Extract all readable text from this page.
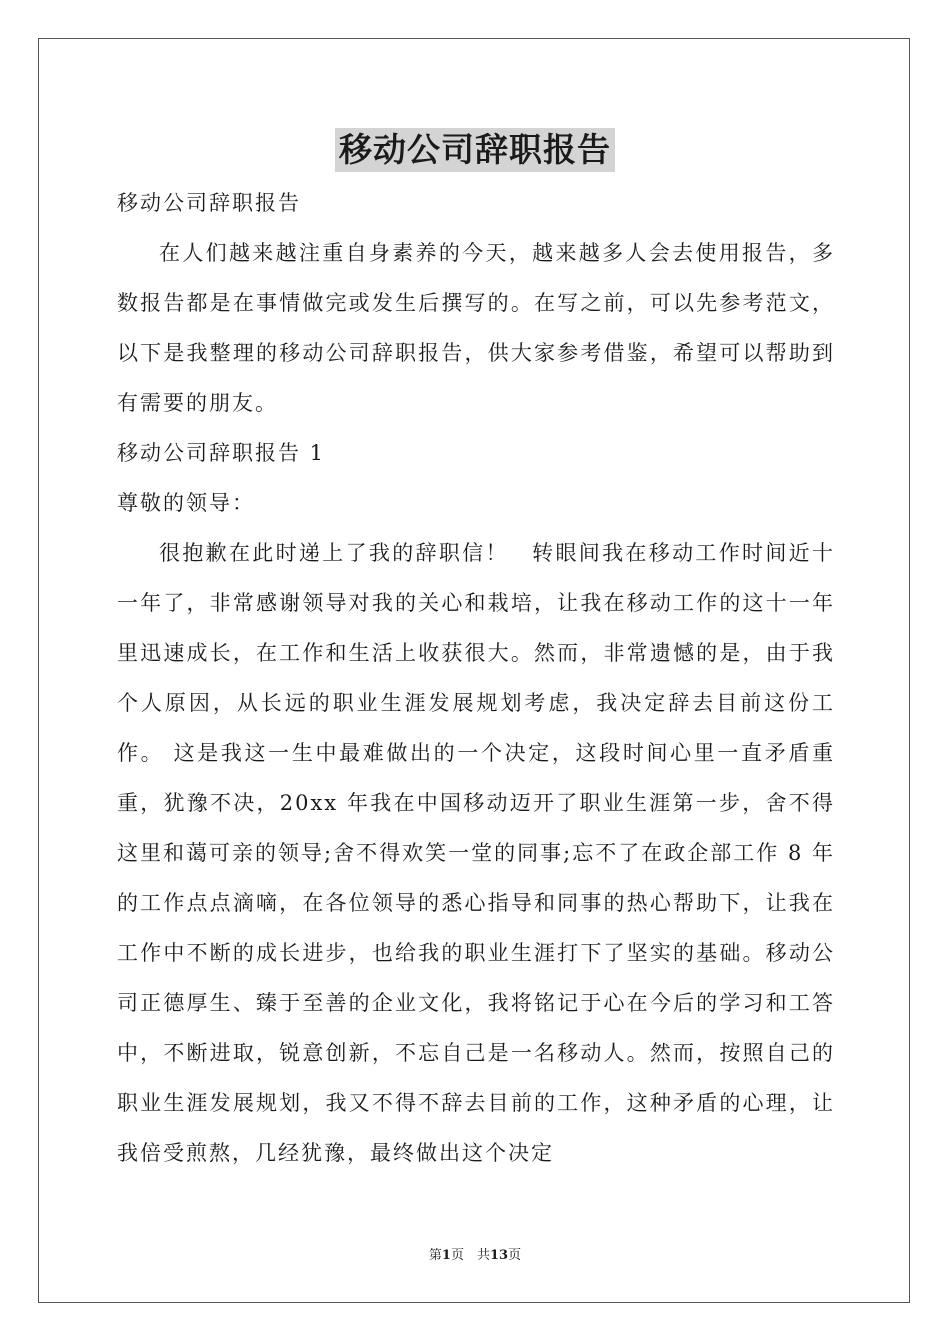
移动公司辞职报告

移动公司辞职报告

在人们越来越注重自身素养的今天，越来越多人会去使用报告，多数报告都是在事情做完或发生后撰写的。在写之前，可以先参考范文，以下是我整理的移动公司辞职报告，供大家参考借鉴，希望可以帮助到有需要的朋友。

移动公司辞职报告 1

尊敬的领导：

很抱歉在此时递上了我的辞职信！　转眼间我在移动工作时间近十一年了，非常感谢领导对我的关心和栽培，让我在移动工作的这十一年里迅速成长，在工作和生活上收获很大。然而，非常遗憾的是，由于我个人原因，从长远的职业生涯发展规划考虑，我决定辞去目前这份工作。 这是我这一生中最难做出的一个决定，这段时间心里一直矛盾重重，犹豫不决，20xx 年我在中国移动迈开了职业生涯第一步，舍不得这里和蔼可亲的领导;舍不得欢笑一堂的同事;忘不了在政企部工作 8 年的工作点点滴嘀，在各位领导的悉心指导和同事的热心帮助下，让我在工作中不断的成长进步，也给我的职业生涯打下了坚实的基础。移动公司正德厚生、臻于至善的企业文化，我将铭记于心在今后的学习和工答中，不断进取，锐意创新，不忘自己是一名移动人。然而，按照自己的职业生涯发展规划，我又不得不辞去目前的工作，这种矛盾的心理，让我倍受煎熬，几经犹豫，最终做出这个决定

第1页　共13页
